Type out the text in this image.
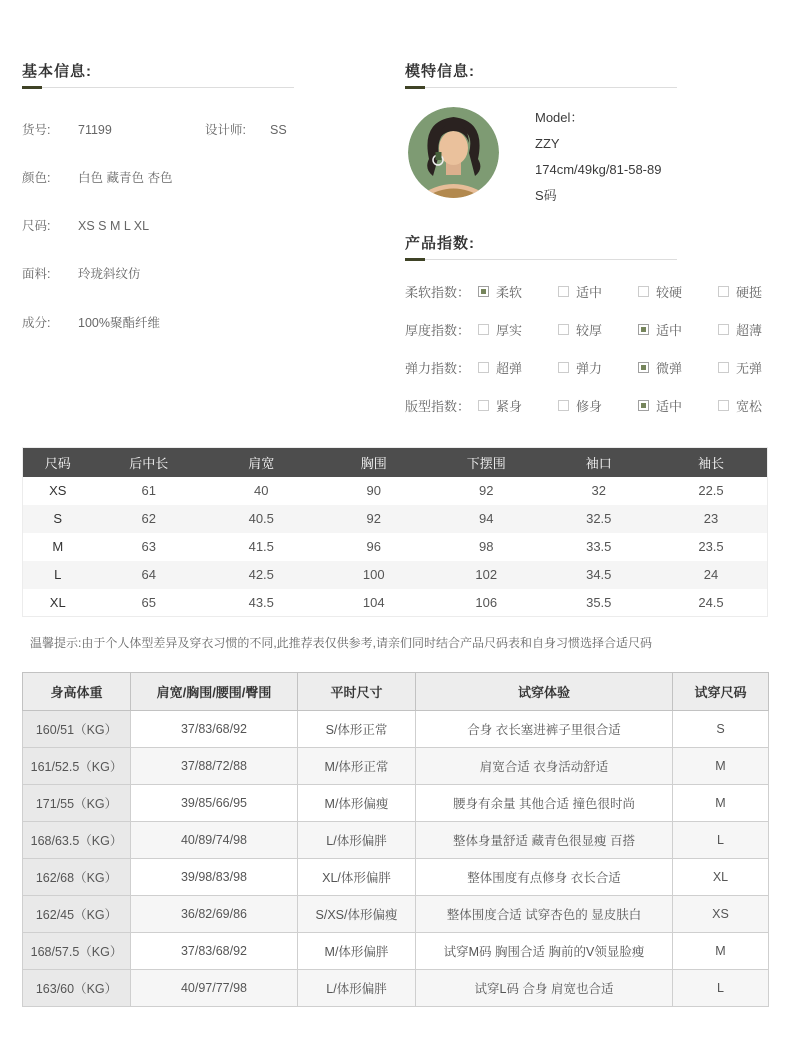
基本信息:
货号: 71199	设计师: SS
颜色: 白色 藏青色 杏色
尺码: XS S M L XL
面料: 玲珑斜纹仿
成分: 100%聚酯纤维
模特信息:
Model：
ZZY
174cm/49kg/81-58-89
S码
产品指数:
柔软指数：	柔软	适中	较硬	硬挺
厚度指数：	厚实	较厚	适中	超薄
弹力指数：	超弹	弹力	微弹	无弹
版型指数：	紧身	修身	适中	宽松
尺码	后中长	肩宽	胸围	下摆围	袖口	袖长
XS	61	40	90	92	32	22.5
S	62	40.5	92	94	32.5	23
M	63	41.5	96	98	33.5	23.5
L	64	42.5	100	102	34.5	24
XL	65	43.5	104	106	35.5	24.5
温馨提示:由于个人体型差异及穿衣习惯的不同,此推荐表仅供参考,请亲们同时结合产品尺码表和自身习惯选择合适尺码
身高体重	肩宽/胸围/腰围/臀围	平时尺寸	试穿体验	试穿尺码
160/51（KG）	37/83/68/92	S/体形正常	合身 衣长塞进裤子里很合适	S
161/52.5（KG）	37/88/72/88	M/体形正常	肩宽合适 衣身活动舒适	M
171/55（KG）	39/85/66/95	M/体形偏瘦	腰身有余量 其他合适 撞色很时尚	M
168/63.5（KG）	40/89/74/98	L/体形偏胖	整体身量舒适 藏青色很显瘦 百搭	L
162/68（KG）	39/98/83/98	XL/体形偏胖	整体围度有点修身 衣长合适	XL
162/45（KG）	36/82/69/86	S/XS/体形偏瘦	整体围度合适 试穿杏色的 显皮肤白	XS
168/57.5（KG）	37/83/68/92	M/体形偏胖	试穿M码 胸围合适 胸前的V领显脸瘦	M
163/60（KG）	40/97/77/98	L/体形偏胖	试穿L码 合身 肩宽也合适	L
